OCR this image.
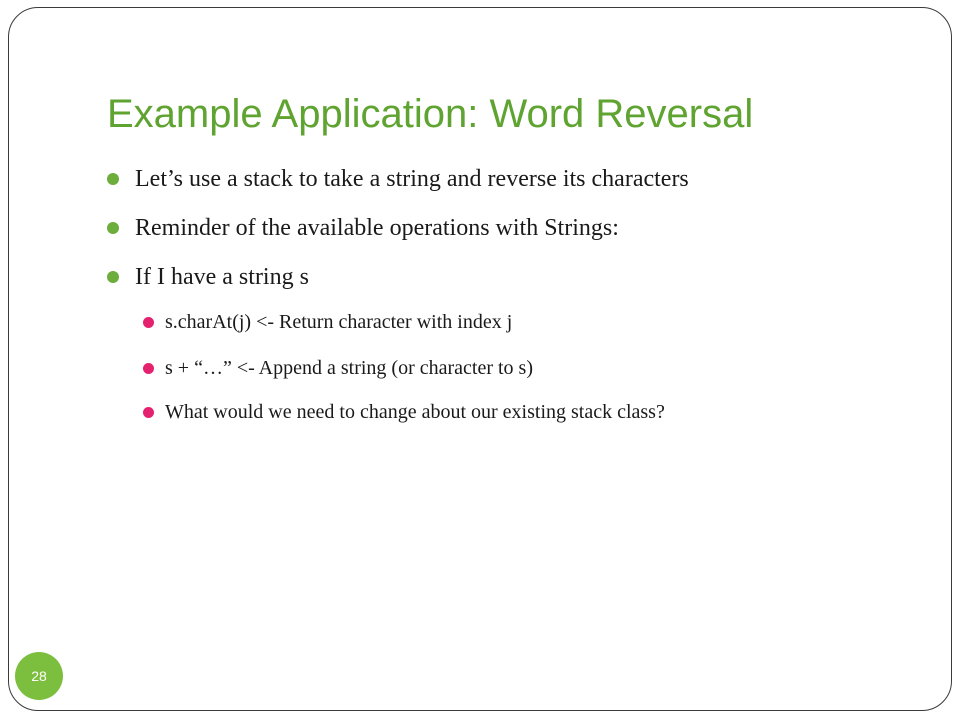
Example Application: Word Reversal
Let’s use a stack to take a string and reverse its characters
Reminder of the available operations with Strings:
If I have a string s
s.charAt(j) <- Return character with index j
s + “…” <- Append a string (or character to s)
What would we need to change about our existing stack class?
28
